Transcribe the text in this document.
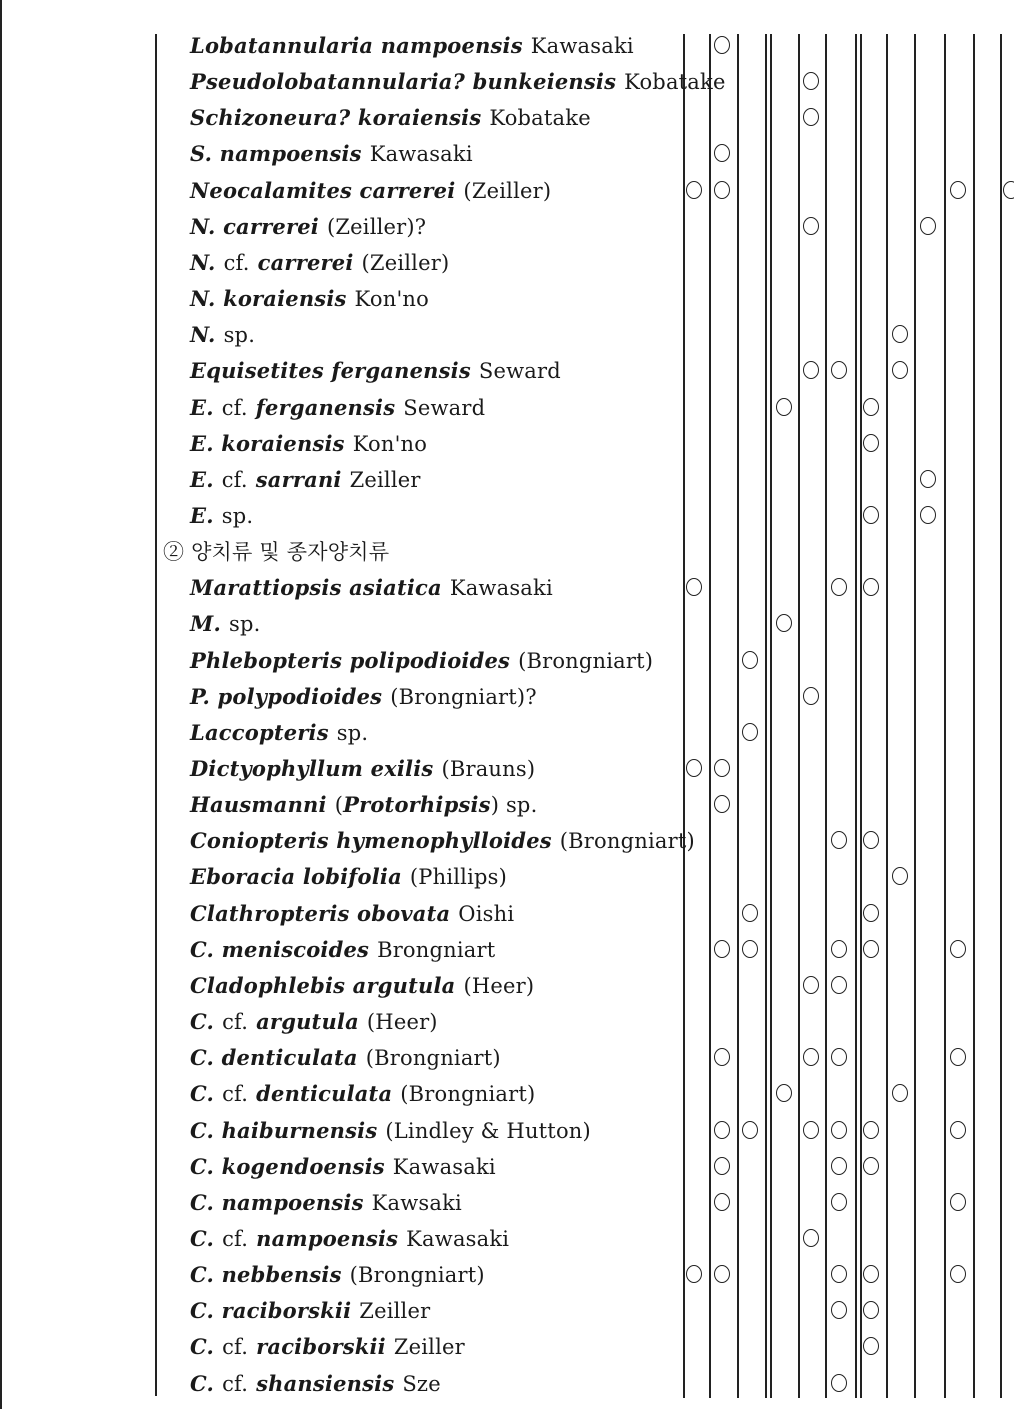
Lobatannularia nampoensis Kawasaki
Pseudolobatannularia? bunkeiensis Kobatake
Schizoneura? koraiensis Kobatake
S. nampoensis Kawasaki
Neocalamites carrerei (Zeiller)
N. carrerei (Zeiller)?
N. cf. carrerei (Zeiller)
N. koraiensis Kon'no
N. sp.
Equisetites ferganensis Seward
E. cf. ferganensis Seward
E. koraiensis Kon'no
E. cf. sarrani Zeiller
E. sp.
② 양치류 및 종자양치류
Marattiopsis asiatica Kawasaki
M. sp.
Phlebopteris polipodioides (Brongniart)
P. polypodioides (Brongniart)?
Laccopteris sp.
Dictyophyllum exilis (Brauns)
Hausmanni (Protorhipsis) sp.
Coniopteris hymenophylloides (Brongniart)
Eboracia lobifolia (Phillips)
Clathropteris obovata Oishi
C. meniscoides Brongniart
Cladophlebis argutula (Heer)
C. cf. argutula (Heer)
C. denticulata (Brongniart)
C. cf. denticulata (Brongniart)
C. haiburnensis (Lindley & Hutton)
C. kogendoensis Kawasaki
C. nampoensis Kawsaki
C. cf. nampoensis Kawasaki
C. nebbensis (Brongniart)
C. raciborskii Zeiller
C. cf. raciborskii Zeiller
C. cf. shansiensis Sze
